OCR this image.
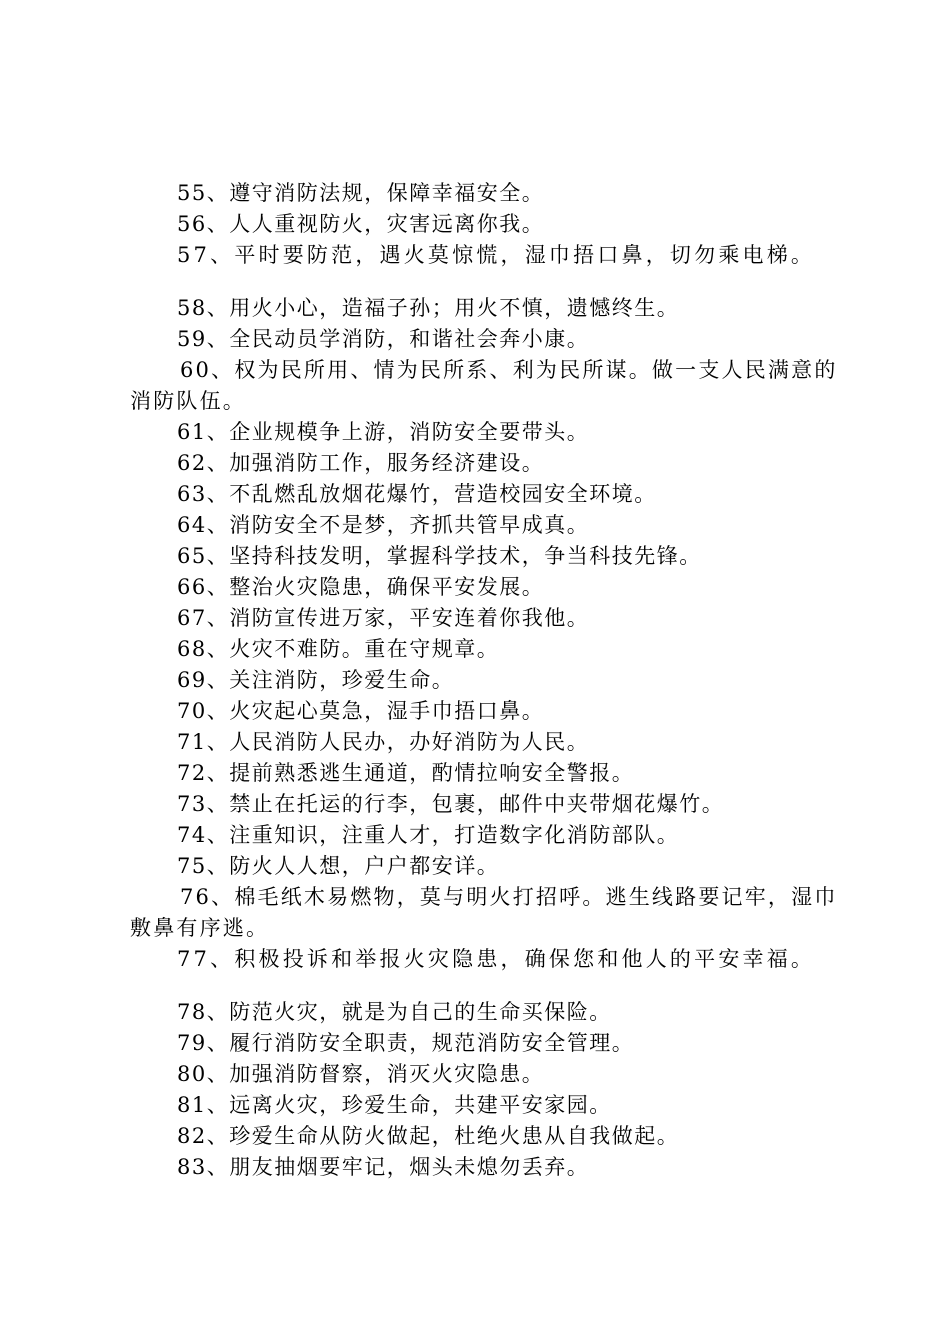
55、遵守消防法规，保障幸福安全。
56、人人重视防火，灾害远离你我。
57、平时要防范，遇火莫惊慌，湿巾捂口鼻，切勿乘电梯。
58、用火小心，造福子孙；用火不慎，遗憾终生。
59、全民动员学消防，和谐社会奔小康。
60、权为民所用、情为民所系、利为民所谋。做一支人民满意的消防队伍。
61、企业规模争上游，消防安全要带头。
62、加强消防工作，服务经济建设。
63、不乱燃乱放烟花爆竹，营造校园安全环境。
64、消防安全不是梦，齐抓共管早成真。
65、坚持科技发明，掌握科学技术，争当科技先锋。
66、整治火灾隐患，确保平安发展。
67、消防宣传进万家，平安连着你我他。
68、火灾不难防。重在守规章。
69、关注消防，珍爱生命。
70、火灾起心莫急，湿手巾捂口鼻。
71、人民消防人民办，办好消防为人民。
72、提前熟悉逃生通道，酌情拉响安全警报。
73、禁止在托运的行李，包裹，邮件中夹带烟花爆竹。
74、注重知识，注重人才，打造数字化消防部队。
75、防火人人想，户户都安详。
76、棉毛纸木易燃物，莫与明火打招呼。逃生线路要记牢，湿巾敷鼻有序逃。
77、积极投诉和举报火灾隐患，确保您和他人的平安幸福。
78、防范火灾，就是为自己的生命买保险。
79、履行消防安全职责，规范消防安全管理。
80、加强消防督察，消灭火灾隐患。
81、远离火灾，珍爱生命，共建平安家园。
82、珍爱生命从防火做起，杜绝火患从自我做起。
83、朋友抽烟要牢记，烟头未熄勿丢弃。
